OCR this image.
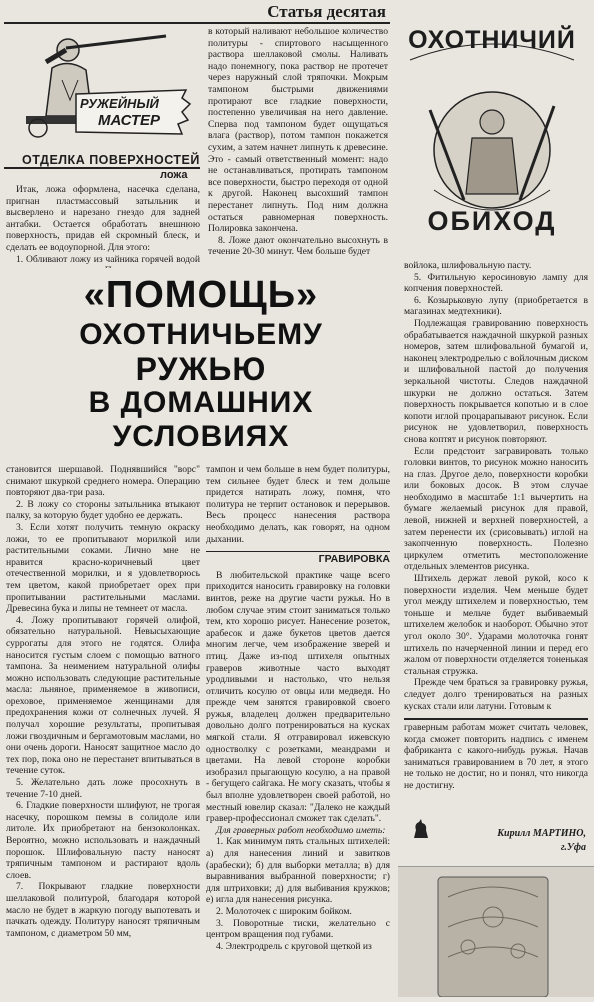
Статья десятая
РУЖЕЙНЫЙ
МАСТЕР
ОТДЕЛКА ПОВЕРХНОСТЕЙ
ложа

Итак, ложа оформлена, насечка сделана, пригнан пластмассовый затыльник и высверлено и нарезано гнездо для задней антабки. Остается обработать внешнюю поверхность, придав ей скромный блеск, и сделать ее водоупорной. Для этого:

1. Обливают ложу из чайника горячей водой

в который наливают небольшое количество политуры - спиртового насыщенного раствора шеллаковой смолы. Наливать надо понемногу, пока раствор не протечет через наружный слой тряпочки. Мокрым тампоном быстрыми движениями протирают все гладкие поверхности, постепенно увеличивая на него давление. Сперва под тампоном будет ощущаться влага (раствор), потом тампон покажется сухим, а затем начнет липнуть к древесине. Это - самый ответственный момент: надо не останавливаться, протирать тампоном все поверхности, быстро переходя от одной к другой. Наконец высохший тампон перестанет липнуть. Под ним должна остаться равномерная поверхность. Полировка закончена.

8. Ложе дают окончательно высохнуть в течение 20-30 минут. Чем больше будет

ОХОТНИЧИЙ
ОБИХОД

войлока, шлифовальную пасту.

5. Фитильную керосиновую лампу для копчения поверхностей.

6. Козырьковую лупу (приобретается в магазинах медтехники).

Подлежащая гравированию поверхность обрабатывается наждачной шкуркой разных номеров, затем шлифовальной бумагой и, наконец электродрелью с войлочным диском и шлифовальной пастой до получения зеркальной чистоты. Следов наждачной шкурки не должно остаться. Затем поверхность покрывается копотью и в слое копоти иглой процарапывают рисунок. Если рисунок не удовлетворил, поверхность снова коптят и рисунок повторяют.

Если предстоит загравировать только головки винтов, то рисунок можно наносить на глаз. Другое дело, поверхности коробки или боковых досок. В этом случае необходимо в масштабе 1:1 вычертить на бумаге желаемый рисунок для правой, левой, нижней и верхней поверхностей, а затем перенести их (срисовывать) иглой на закопченную поверхность. Полезно циркулем отметить местоположение отдельных элементов рисунка.

Штихель держат левой рукой, косо к поверхности изделия. Чем меньше будет угол между штихелем и поверхностью, тем тоньше и мельче будет выбиваемый штихелем желобок и наоборот. Обычно этот угол около 30°. Ударами молоточка гонят штихель по начерченной линии и перед его жалом от поверхности отделяется тоненькая стальная стружка.

Прежде чем браться за гравировку ружья, следует долго тренироваться на разных кусках стали или латуни. Готовым к

«ПОМОЩЬ»
ОХОТНИЧЬЕМУ
РУЖЬЮ
В ДОМАШНИХ
УСЛОВИЯХ

становится шершавой. Поднявшийся "ворс" снимают шкуркой среднего номера. Операцию повторяют два-три раза.

2. В ложу со стороны затыльника втыкают палку, за которую будет удобно ее держать.

3. Если хотят получить темную окраску ложи, то ее пропитывают морилкой или растительными соками. Лично мне не нравится красно-коричневый цвет отечественной морилки, и я удовлетворюсь тем цветом, какой приобретает орех при пропитывании растительными маслами. Древесина бука и липы не темнеет от масла.

4. Ложу пропитывают горячей олифой, обязательно натуральной. Невысыхающие суррогаты для этого не годятся. Олифа наносится густым слоем с помощью ватного тампона. За неимением натуральной олифы можно использовать следующие растительные масла: льняное, применяемое в живописи, ореховое, применяемое женщинами для предохранения кожи от солнечных лучей. Я получал хорошие результаты, пропитывая ложи гвоздичным и бергамотовым маслами, но они очень дороги. Наносят защитное масло до тех пор, пока оно не перестанет впитываться в течение суток.

5. Желательно дать ложе просохнуть в течение 7-10 дней.

6. Гладкие поверхности шлифуют, не трогая насечку, порошком пемзы в солидоле или литоле. Их приобретают на бензоколонках. Вероятно, можно использовать и наждачный порошок. Шлифовальную пасту наносят тряпичным тампоном и растирают вдоль слоев.

7. Покрывают гладкие поверхности шеллаковой политурой, благодаря которой масло не будет в жаркую погоду выпотевать и пачкать одежду. Политуру наносят тряпичным тампоном, с диаметром 50 мм,

тампон и чем больше в нем будет политуры, тем сильнее будет блеск и тем дольше придется натирать ложу, помня, что политура не терпит остановок и перерывов. Весь процесс нанесения раствора необходимо делать, как говорят, на одном дыхании.

ГРАВИРОВКА

В любительской практике чаще всего приходится наносить гравировку на головки винтов, реже на другие части ружья. Но в любом случае этим стоит заниматься только тем, кто хорошо рисует. Нанесение розеток, арабесок и даже букетов цветов дается многим легче, чем изображение зверей и птиц. Даже из-под штихеля опытных граверов животные часто выходят уродливыми и настолько, что нельзя отличить косулю от овцы или медведя. Но прежде чем занятся гравировкой своего ружья, владелец должен предварительно довольно долго потренироваться на кусках мягкой стали. Я отгравировал ижевскую одностволку с розетками, меандрами и цветами. На левой стороне коробки изобразил прыгающую косулю, а на правой - бегущего сайгака. Не могу сказать, чтобы я был вполне удовлетворен своей работой, но местный ювелир сказал: "Далеко не каждый гравер-профессионал сможет так сделать".

Для граверных работ необходимо иметь:

1. Как минимум пять стальных штихелей: а) для нанесения линий и завитков (арабески); б) для выборки металла; в) для выравнивания выбранной поверхности; г) для штриховки; д) для выбивания кружков; е) игла для нанесения рисунка.

2. Молоточек с широким бойком.

3. Поворотные тиски, желательно с центром вращения под губами.

4. Электродрель с круговой щеткой из

граверным работам может считать человек, когда сможет повторить надпись с именем фабриканта с какого-нибудь ружья. Начав заниматься гравированием в 70 лет, я этого не только не достиг, но и понял, что никогда не достигну.

Кирилл МАРТИНО,
г.Уфа
